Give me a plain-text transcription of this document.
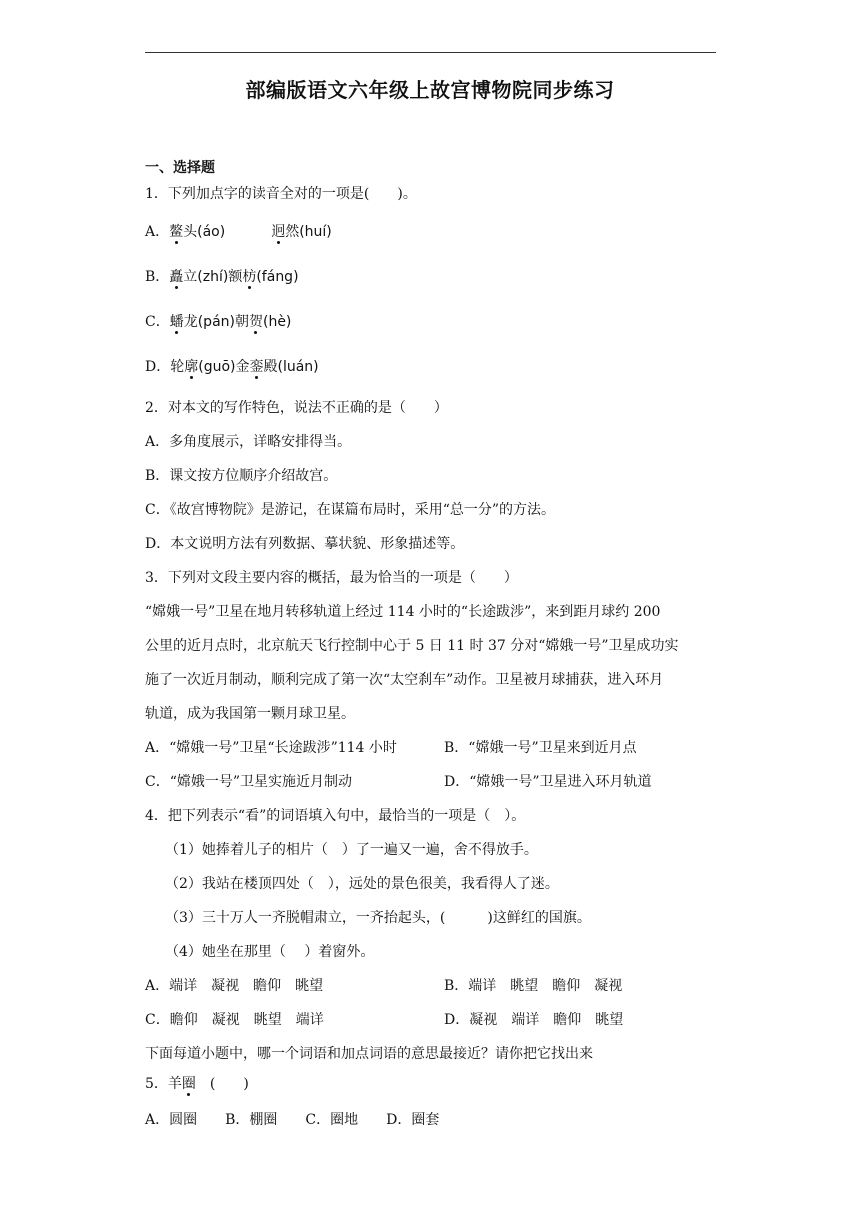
部编版语文六年级上故宫博物院同步练习
一、选择题
1．下列加点字的读音全对的一项是(　　)。
A．鳌头(áo)	迥然(huí)
B．矗立(zhí)额枋(fáng)
C．蟠龙(pán)朝贺(hè)
D．轮廓(guō)金銮殿(luán)
2．对本文的写作特色，说法不正确的是（　　）
A．多角度展示，详略安排得当。
B．课文按方位顺序介绍故宫。
C．《故宫博物院》是游记，在谋篇布局时，采用“总一分”的方法。
D．本文说明方法有列数据、摹状貌、形象描述等。
3．下列对文段主要内容的概括，最为恰当的一项是（　　）
“嫦娥一号”卫星在地月转移轨道上经过 114 小时的“长途跋涉”，来到距月球约 200
公里的近月点时，北京航天飞行控制中心于 5 日 11 时 37 分对“嫦娥一号”卫星成功实
施了一次近月制动，顺利完成了第一次“太空刹车”动作。卫星被月球捕获，进入环月
轨道，成为我国第一颗月球卫星。
A．“嫦娥一号”卫星“长途跋涉”114 小时	B．“嫦娥一号”卫星来到近月点
C．“嫦娥一号”卫星实施近月制动	D．“嫦娥一号”卫星进入环月轨道
4．把下列表示“看”的词语填入句中，最恰当的一项是（　）。
（1）她捧着儿子的相片（　）了一遍又一遍，舍不得放手。
（2）我站在楼顶四处（　），远处的景色很美，我看得人了迷。
（3）三十万人一齐脱帽肃立，一齐抬起头，(　　　)这鲜红的国旗。
（4）她坐在那里（　 ）着窗外。
A．端详　凝视　瞻仰　眺望	B．端详　眺望　瞻仰　凝视
C．瞻仰　凝视　眺望　端详	D．凝视　端详　瞻仰　眺望
下面每道小题中，哪一个词语和加点词语的意思最接近？请你把它找出来
5．羊圈　(　　)
A．圆圈　　B．棚圈　　C．圈地　　D．圈套
